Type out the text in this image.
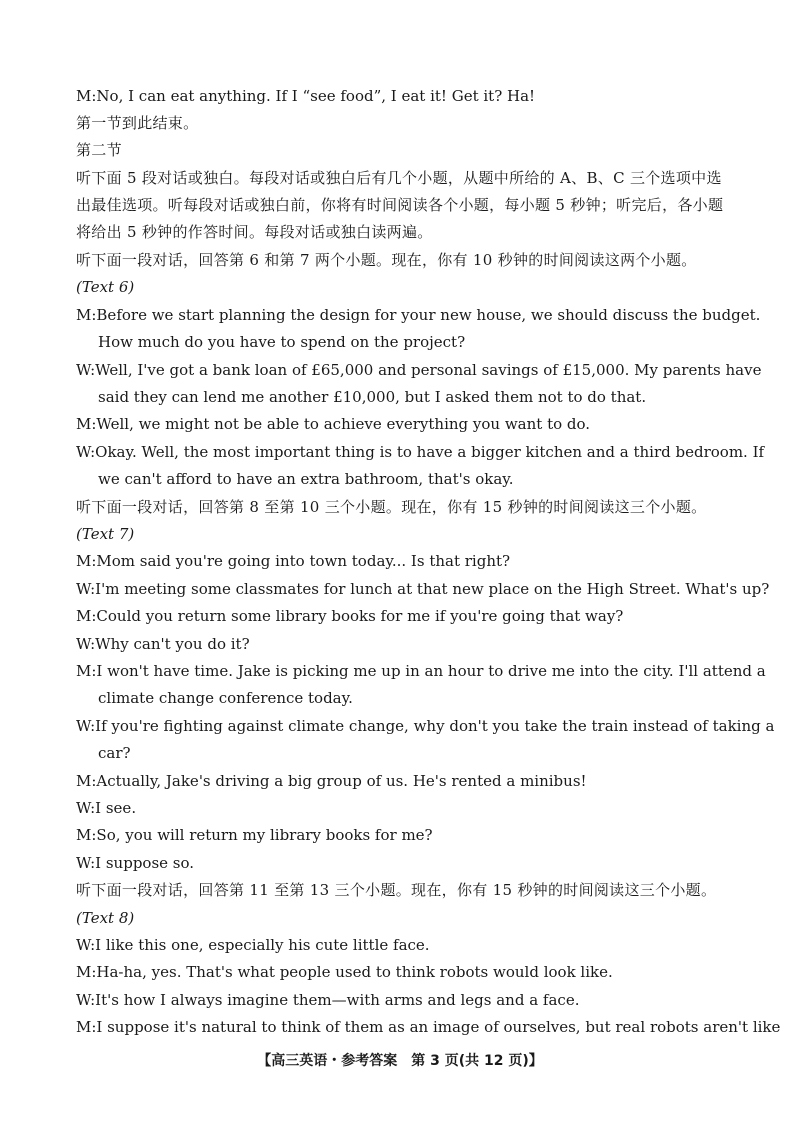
M:No, I can eat anything. If I “see food”, I eat it! Get it? Ha!
第一节到此结束。
第二节
听下面 5 段对话或独白。每段对话或独白后有几个小题，从题中所给的 A、B、C 三个选项中选
出最佳选项。听每段对话或独白前，你将有时间阅读各个小题，每小题 5 秒钟；听完后，各小题
将给出 5 秒钟的作答时间。每段对话或独白读两遍。
听下面一段对话，回答第 6 和第 7 两个小题。现在，你有 10 秒钟的时间阅读这两个小题。
(Text 6)
M:Before we start planning the design for your new house, we should discuss the budget.
How much do you have to spend on the project?
W:Well, I've got a bank loan of £65,000 and personal savings of £15,000. My parents have
said they can lend me another £10,000, but I asked them not to do that.
M:Well, we might not be able to achieve everything you want to do.
W:Okay. Well, the most important thing is to have a bigger kitchen and a third bedroom. If
we can't afford to have an extra bathroom, that's okay.
听下面一段对话，回答第 8 至第 10 三个小题。现在，你有 15 秒钟的时间阅读这三个小题。
(Text 7)
M:Mom said you're going into town today... Is that right?
W:I'm meeting some classmates for lunch at that new place on the High Street. What's up?
M:Could you return some library books for me if you're going that way?
W:Why can't you do it?
M:I won't have time. Jake is picking me up in an hour to drive me into the city. I'll attend a
climate change conference today.
W:If you're fighting against climate change, why don't you take the train instead of taking a
car?
M:Actually, Jake's driving a big group of us. He's rented a minibus!
W:I see.
M:So, you will return my library books for me?
W:I suppose so.
听下面一段对话，回答第 11 至第 13 三个小题。现在，你有 15 秒钟的时间阅读这三个小题。
(Text 8)
W:I like this one, especially his cute little face.
M:Ha-ha, yes. That's what people used to think robots would look like.
W:It's how I always imagine them—with arms and legs and a face.
M:I suppose it's natural to think of them as an image of ourselves, but real robots aren't like
【高三英语・参考答案　第 3 页(共 12 页)】
